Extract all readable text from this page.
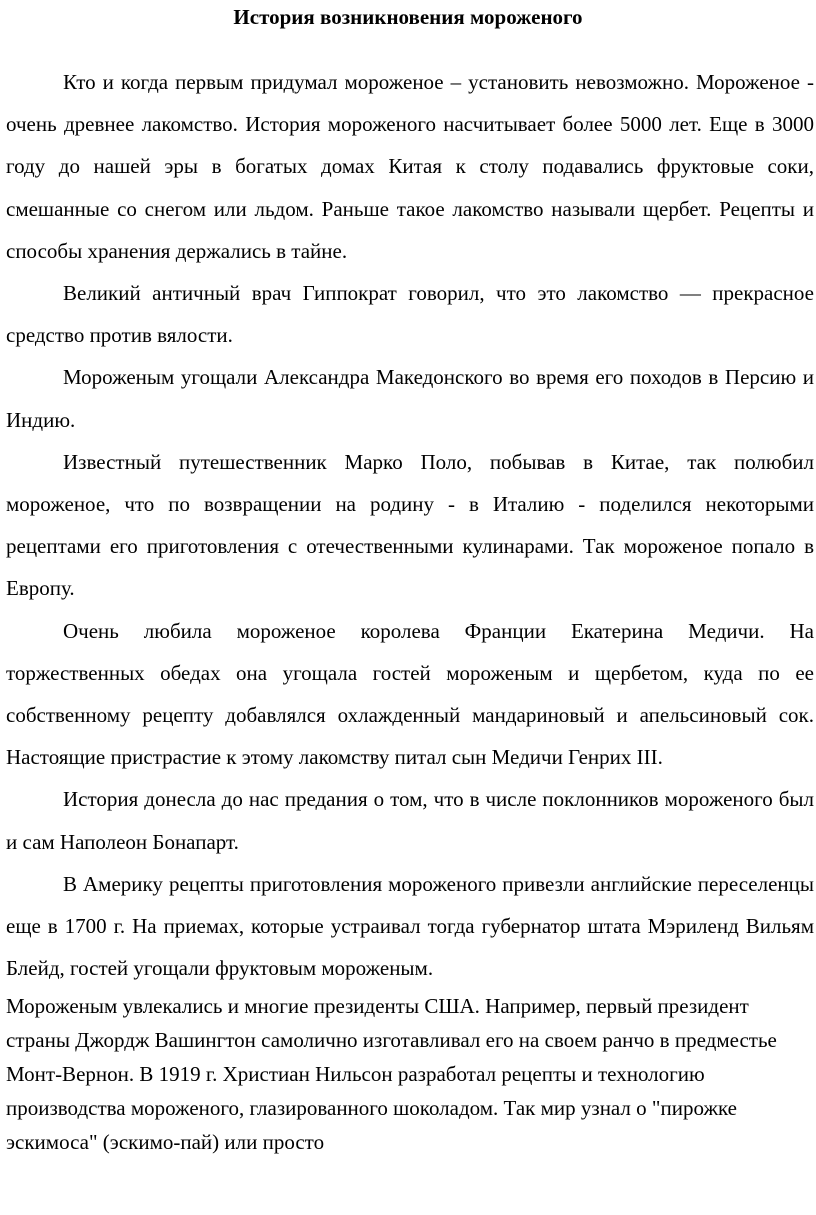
История возникновения мороженого

Кто и когда первым придумал мороженое – установить невозможно. Мороженое - очень древнее лакомство. История мороженого насчитывает более 5000 лет. Еще в 3000 году до нашей эры в богатых домах Китая к столу подавались фруктовые соки, смешанные со снегом или льдом. Раньше такое лакомство называли щербет. Рецепты и способы хранения держались в тайне.

Великий античный врач Гиппократ говорил, что это лакомство — прекрасное средство против вялости.

Мороженым угощали Александра Македонского во время его походов в Персию и Индию.

Известный путешественник Марко Поло, побывав в Китае, так полюбил мороженое, что по возвращении на родину - в Италию - поделился некоторыми рецептами его приготовления с отечественными кулинарами. Так мороженое попало в Европу.

Очень любила мороженое королева Франции Екатерина Медичи. На торжественных обедах она угощала гостей мороженым и щербетом, куда по ее собственному рецепту добавлялся охлажденный мандариновый и апельсиновый сок. Настоящие пристрастие к этому лакомству питал сын Медичи Генрих III.

История донесла до нас предания о том, что в числе поклонников мороженого был и сам Наполеон Бонапарт.

В Америку рецепты приготовления мороженого привезли английские переселенцы еще в 1700 г. На приемах, которые устраивал тогда губернатор штата Мэриленд Вильям Блейд, гостей угощали фруктовым мороженым.

Мороженым увлекались и многие президенты США. Например, первый президент страны Джордж Вашингтон самолично изготавливал его на своем ранчо в предместье Монт-Вернон. В 1919 г. Христиан Нильсон разработал рецепты и технологию производства мороженого, глазированного шоколадом. Так мир узнал о "пирожке эскимоса" (эскимо-пай) или просто
